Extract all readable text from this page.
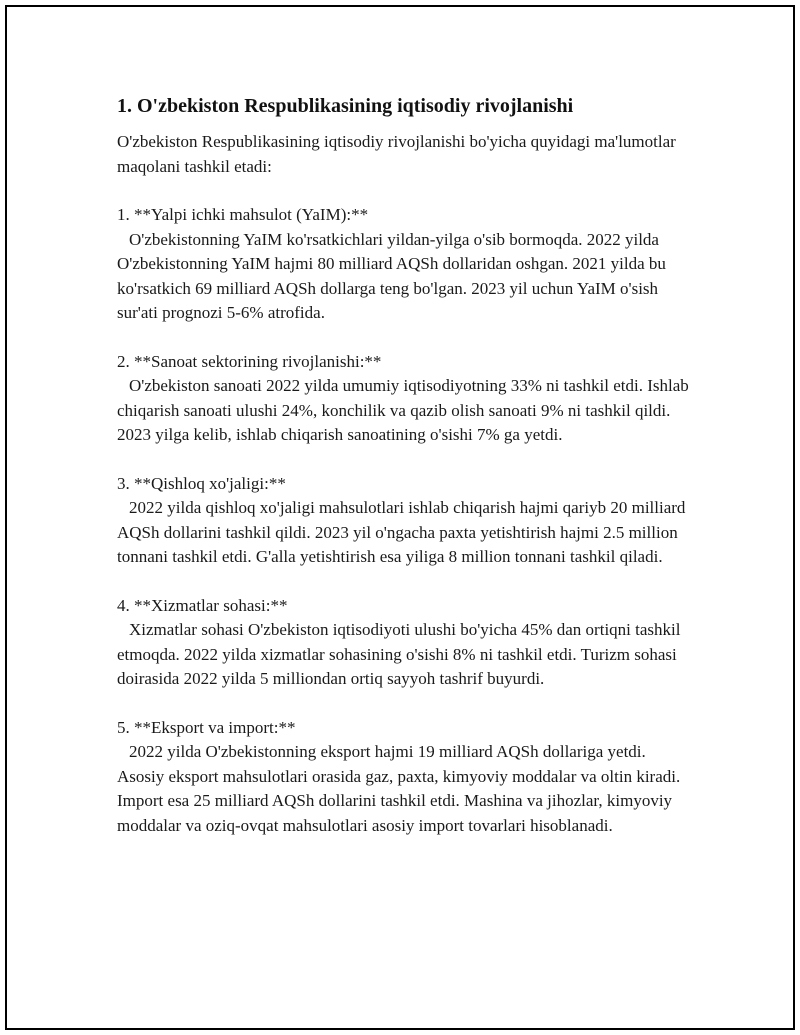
1. O'zbekiston Respublikasining iqtisodiy rivojlanishi

O'zbekiston Respublikasining iqtisodiy rivojlanishi bo'yicha quyidagi ma'lumotlar maqolani tashkil etadi:

1. **Yalpi ichki mahsulot (YaIM):**

O'zbekistonning YaIM ko'rsatkichlari yildan-yilga o'sib bormoqda. 2022 yilda O'zbekistonning YaIM hajmi 80 milliard AQSh dollaridan oshgan. 2021 yilda bu ko'rsatkich 69 milliard AQSh dollarga teng bo'lgan. 2023 yil uchun YaIM o'sish sur'ati prognozi 5-6% atrofida.

2. **Sanoat sektorining rivojlanishi:**

O'zbekiston sanoati 2022 yilda umumiy iqtisodiyotning 33% ni tashkil etdi. Ishlab chiqarish sanoati ulushi 24%, konchilik va qazib olish sanoati 9% ni tashkil qildi. 2023 yilga kelib, ishlab chiqarish sanoatining o'sishi 7% ga yetdi.

3. **Qishloq xo'jaligi:**

2022 yilda qishloq xo'jaligi mahsulotlari ishlab chiqarish hajmi qariyb 20 milliard AQSh dollarini tashkil qildi. 2023 yil o'ngacha paxta yetishtirish hajmi 2.5 million tonnani tashkil etdi. G'alla yetishtirish esa yiliga 8 million tonnani tashkil qiladi.

4. **Xizmatlar sohasi:**

Xizmatlar sohasi O'zbekiston iqtisodiyoti ulushi bo'yicha 45% dan ortiqni tashkil etmoqda. 2022 yilda xizmatlar sohasining o'sishi 8% ni tashkil etdi. Turizm sohasi doirasida 2022 yilda 5 milliondan ortiq sayyoh tashrif buyurdi.

5. **Eksport va import:**

2022 yilda O'zbekistonning eksport hajmi 19 milliard AQSh dollariga yetdi. Asosiy eksport mahsulotlari orasida gaz, paxta, kimyoviy moddalar va oltin kiradi. Import esa 25 milliard AQSh dollarini tashkil etdi. Mashina va jihozlar, kimyoviy moddalar va oziq-ovqat mahsulotlari asosiy import tovarlari hisoblanadi.
